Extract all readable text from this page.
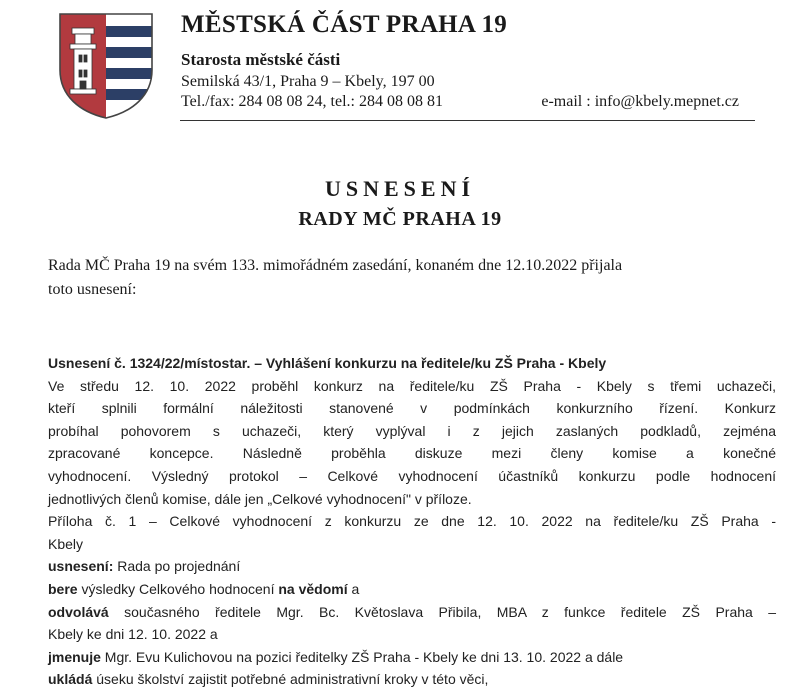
MĚSTSKÁ ČÁST PRAHA 19
Starosta městské části
Semilská 43/1, Praha 9 – Kbely, 197 00
Tel./fax: 284 08 08 24, tel.: 284 08 08 81	e-mail : info@kbely.mepnet.cz
USNESENÍ
RADY MČ PRAHA 19
Rada MČ Praha 19 na svém 133. mimořádném zasedání, konaném dne 12.10.2022 přijala
toto usnesení:
Usnesení č. 1324/22/místostar. – Vyhlášení konkurzu na ředitele/ku ZŠ Praha - Kbely
Ve středu 12. 10. 2022 proběhl konkurz na ředitele/ku ZŠ Praha - Kbely s třemi uchazeči,
kteří splnili formální náležitosti stanovené v podmínkách konkurzního řízení. Konkurz
probíhal pohovorem s uchazeči, který vyplýval i z jejich zaslaných podkladů, zejména
zpracované koncepce. Následně proběhla diskuze mezi členy komise a konečné
vyhodnocení. Výsledný protokol – Celkové vyhodnocení účastníků konkurzu podle hodnocení
jednotlivých členů komise, dále jen „Celkové vyhodnocení" v příloze.
Příloha č. 1 – Celkové vyhodnocení z konkurzu ze dne 12. 10. 2022 na ředitele/ku ZŠ Praha -
Kbely
usnesení: Rada po projednání
bere výsledky Celkového hodnocení na vědomí a
odvolává současného ředitele Mgr. Bc. Květoslava Přibila, MBA z funkce ředitele ZŠ Praha –
Kbely ke dni 12. 10. 2022 a
jmenuje Mgr. Evu Kulichovou na pozici ředitelky ZŠ Praha - Kbely ke dni 13. 10. 2022 a dále
ukládá úseku školství zajistit potřebné administrativní kroky v této věci,
